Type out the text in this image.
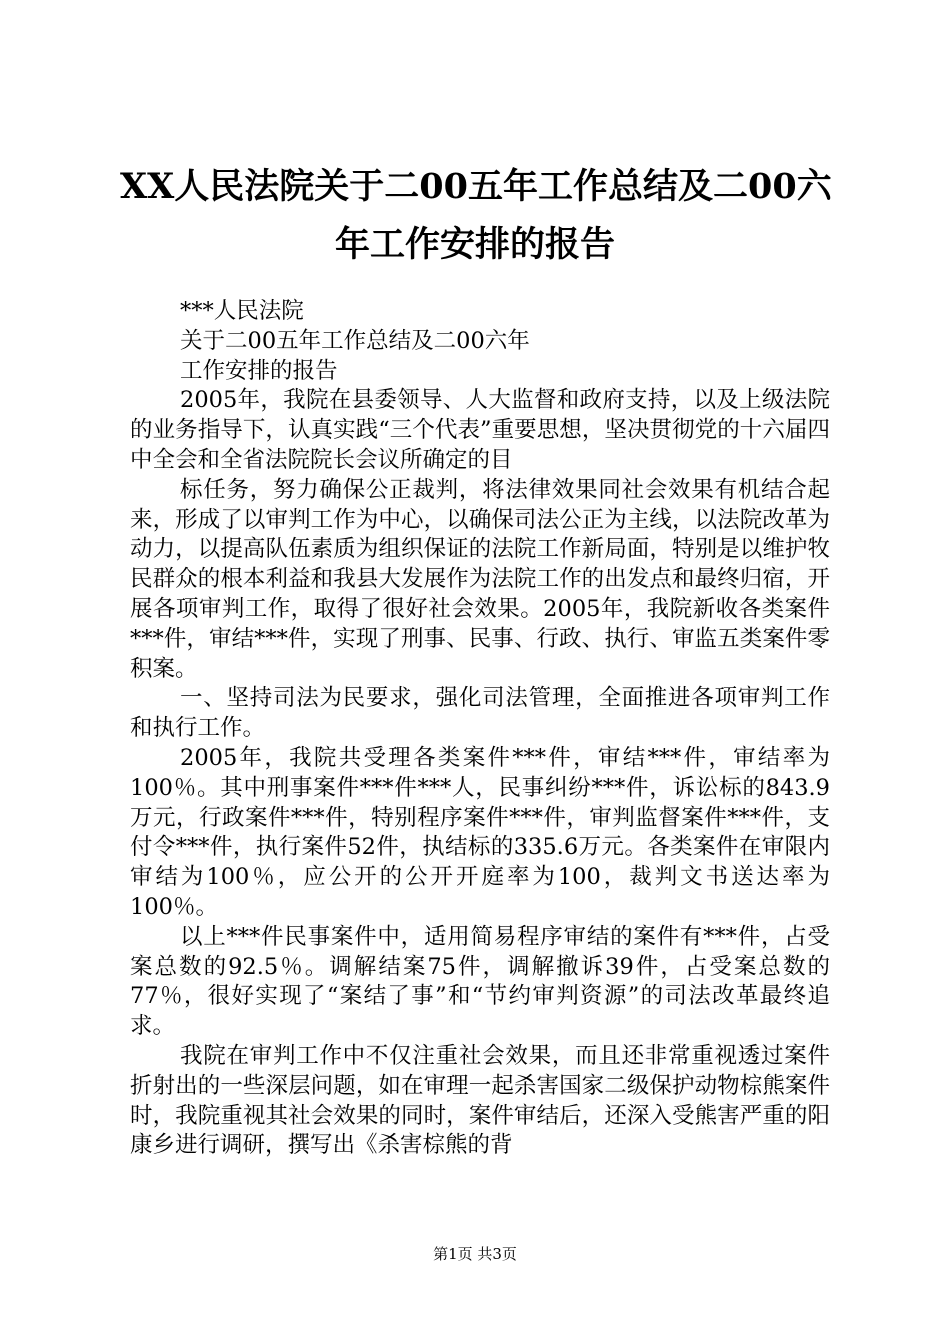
XX人民法院关于二00五年工作总结及二00六
年工作安排的报告

***人民法院

关于二00五年工作总结及二00六年

工作安排的报告

2005年，我院在县委领导、人大监督和政府支持，以及上级法院的业务指导下，认真实践“三个代表”重要思想，坚决贯彻党的十六届四中全会和全省法院院长会议所确定的目

标任务，努力确保公正裁判，将法律效果同社会效果有机结合起来，形成了以审判工作为中心，以确保司法公正为主线，以法院改革为动力，以提高队伍素质为组织保证的法院工作新局面，特别是以维护牧民群众的根本利益和我县大发展作为法院工作的出发点和最终归宿，开展各项审判工作，取得了很好社会效果。2005年，我院新收各类案件***件，审结***件，实现了刑事、民事、行政、执行、审监五类案件零积案。

一、坚持司法为民要求，强化司法管理，全面推进各项审判工作和执行工作。

2005年，我院共受理各类案件***件，审结***件，审结率为100％。其中刑事案件***件***人，民事纠纷***件，诉讼标的843.9万元，行政案件***件，特别程序案件***件，审判监督案件***件，支付令***件，执行案件52件，执结标的335.6万元。各类案件在审限内审结为100％，应公开的公开开庭率为100，裁判文书送达率为100％。

以上***件民事案件中，适用简易程序审结的案件有***件，占受案总数的92.5％。调解结案75件，调解撤诉39件，占受案总数的77％，很好实现了“案结了事”和“节约审判资源”的司法改革最终追求。

我院在审判工作中不仅注重社会效果，而且还非常重视透过案件折射出的一些深层问题，如在审理一起杀害国家二级保护动物棕熊案件时，我院重视其社会效果的同时，案件审结后，还深入受熊害严重的阳康乡进行调研，撰写出《杀害棕熊的背

第1页 共3页
